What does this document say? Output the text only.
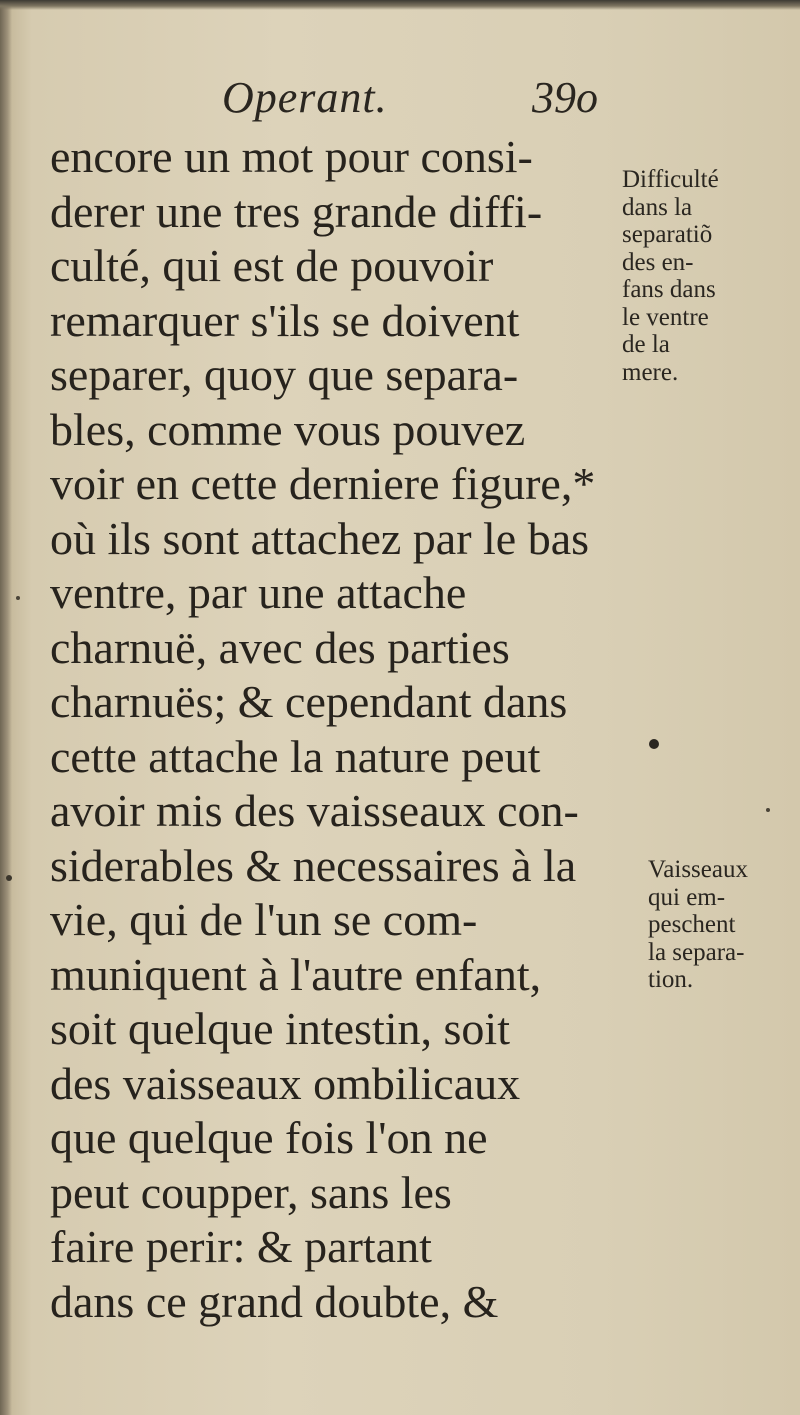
Operant.	39o
encore un mot pour consi-
derer une tres grande diffi-
culté, qui est de pouvoir
remarquer s'ils se doivent
separer, quoy que separa-
bles, comme vous pouvez
voir en cette derniere figure,*
où ils sont attachez par le bas
ventre, par une attache
charnuë, avec des parties
charnuës; & cependant dans
cette attache la nature peut
avoir mis des vaisseaux con-
siderables & necessaires à la
vie, qui de l'un se com-
muniquent à l'autre enfant,
soit quelque intestin, soit
des vaisseaux ombilicaux
que quelque fois l'on ne
peut coupper, sans les
faire perir: & partant
dans ce grand doubte, &
Difficulté
dans la
separatiõ
des en-
fans dans
le ventre
de la
mere.
Vaisseaux
qui em-
peschent
la separa-
tion.
